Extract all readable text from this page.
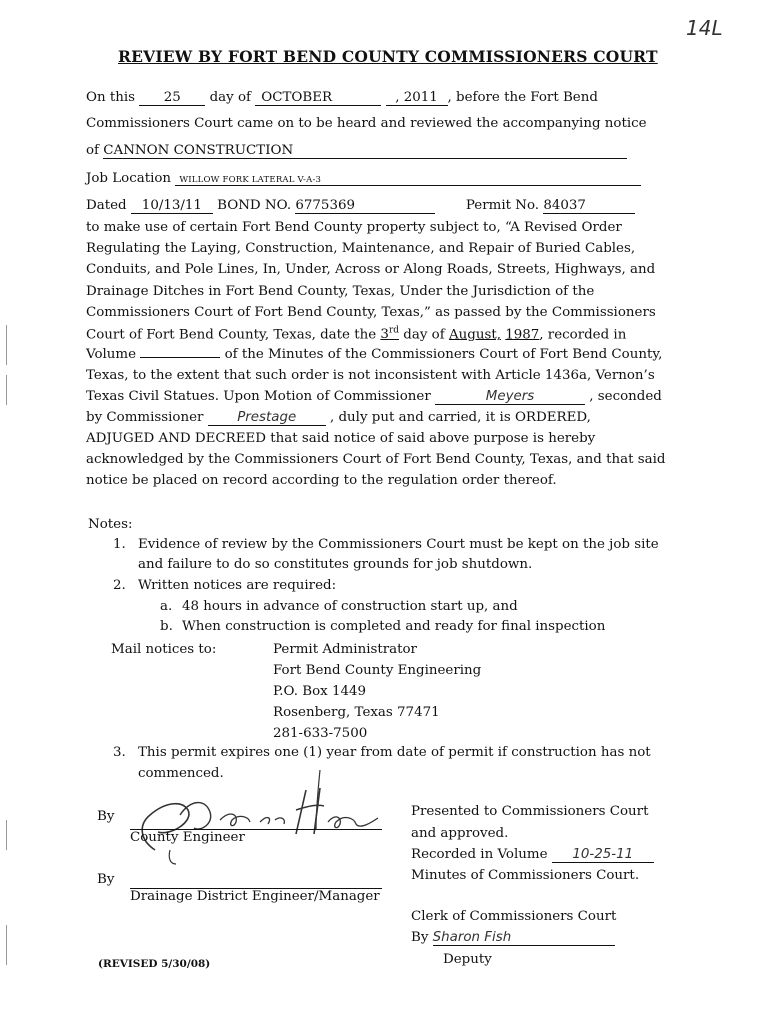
14L
REVIEW BY FORT BEND COUNTY COMMISSIONERS COURT
On this 25 day of OCTOBER	, 2011 , before the Fort Bend
Commissioners Court came on to be heard and reviewed the accompanying notice
of CANNON CONSTRUCTION
Job Location WILLOW FORK LATERAL V-A-3
Dated 10/13/11 BOND NO. 6775369	Permit No. 84037
to make use of certain Fort Bend County property subject to, “A Revised Order
Regulating the Laying, Construction, Maintenance, and Repair of Buried Cables,
Conduits, and Pole Lines, In, Under, Across or Along Roads, Streets, Highways, and
Drainage Ditches in Fort Bend County, Texas, Under the Jurisdiction of the
Commissioners Court of Fort Bend County, Texas,” as passed by the Commissioners
Court of Fort Bend County, Texas, date the 3rd day of August, 1987, recorded in
Volume	of the Minutes of the Commissioners Court of Fort Bend County,
Texas, to the extent that such order is not inconsistent with Article 1436a, Vernon’s
Texas Civil Statues. Upon Motion of Commissioner	Meyers	, seconded
by Commissioner	Prestage	, duly put and carried, it is ORDERED,
ADJUGED AND DECREED that said notice of said above purpose is hereby
acknowledged by the Commissioners Court of Fort Bend County, Texas, and that said
notice be placed on record according to the regulation order thereof.
Notes:
1. Evidence of review by the Commissioners Court must be kept on the job site
and failure to do so constitutes grounds for job shutdown.
2. Written notices are required:
a. 48 hours in advance of construction start up, and
b. When construction is completed and ready for final inspection
Mail notices to:	Permit Administrator
Fort Bend County Engineering
P.O. Box 1449
Rosenberg, Texas 77471
281-633-7500
3. This permit expires one (1) year from date of permit if construction has not
commenced.
By
County Engineer
By
Drainage District Engineer/Manager
(REVISED 5/30/08)
Presented to Commissioners Court
and approved.
Recorded in Volume 10-25-11
Minutes of Commissioners Court.
Clerk of Commissioners Court
By Sharon Fish
Deputy
